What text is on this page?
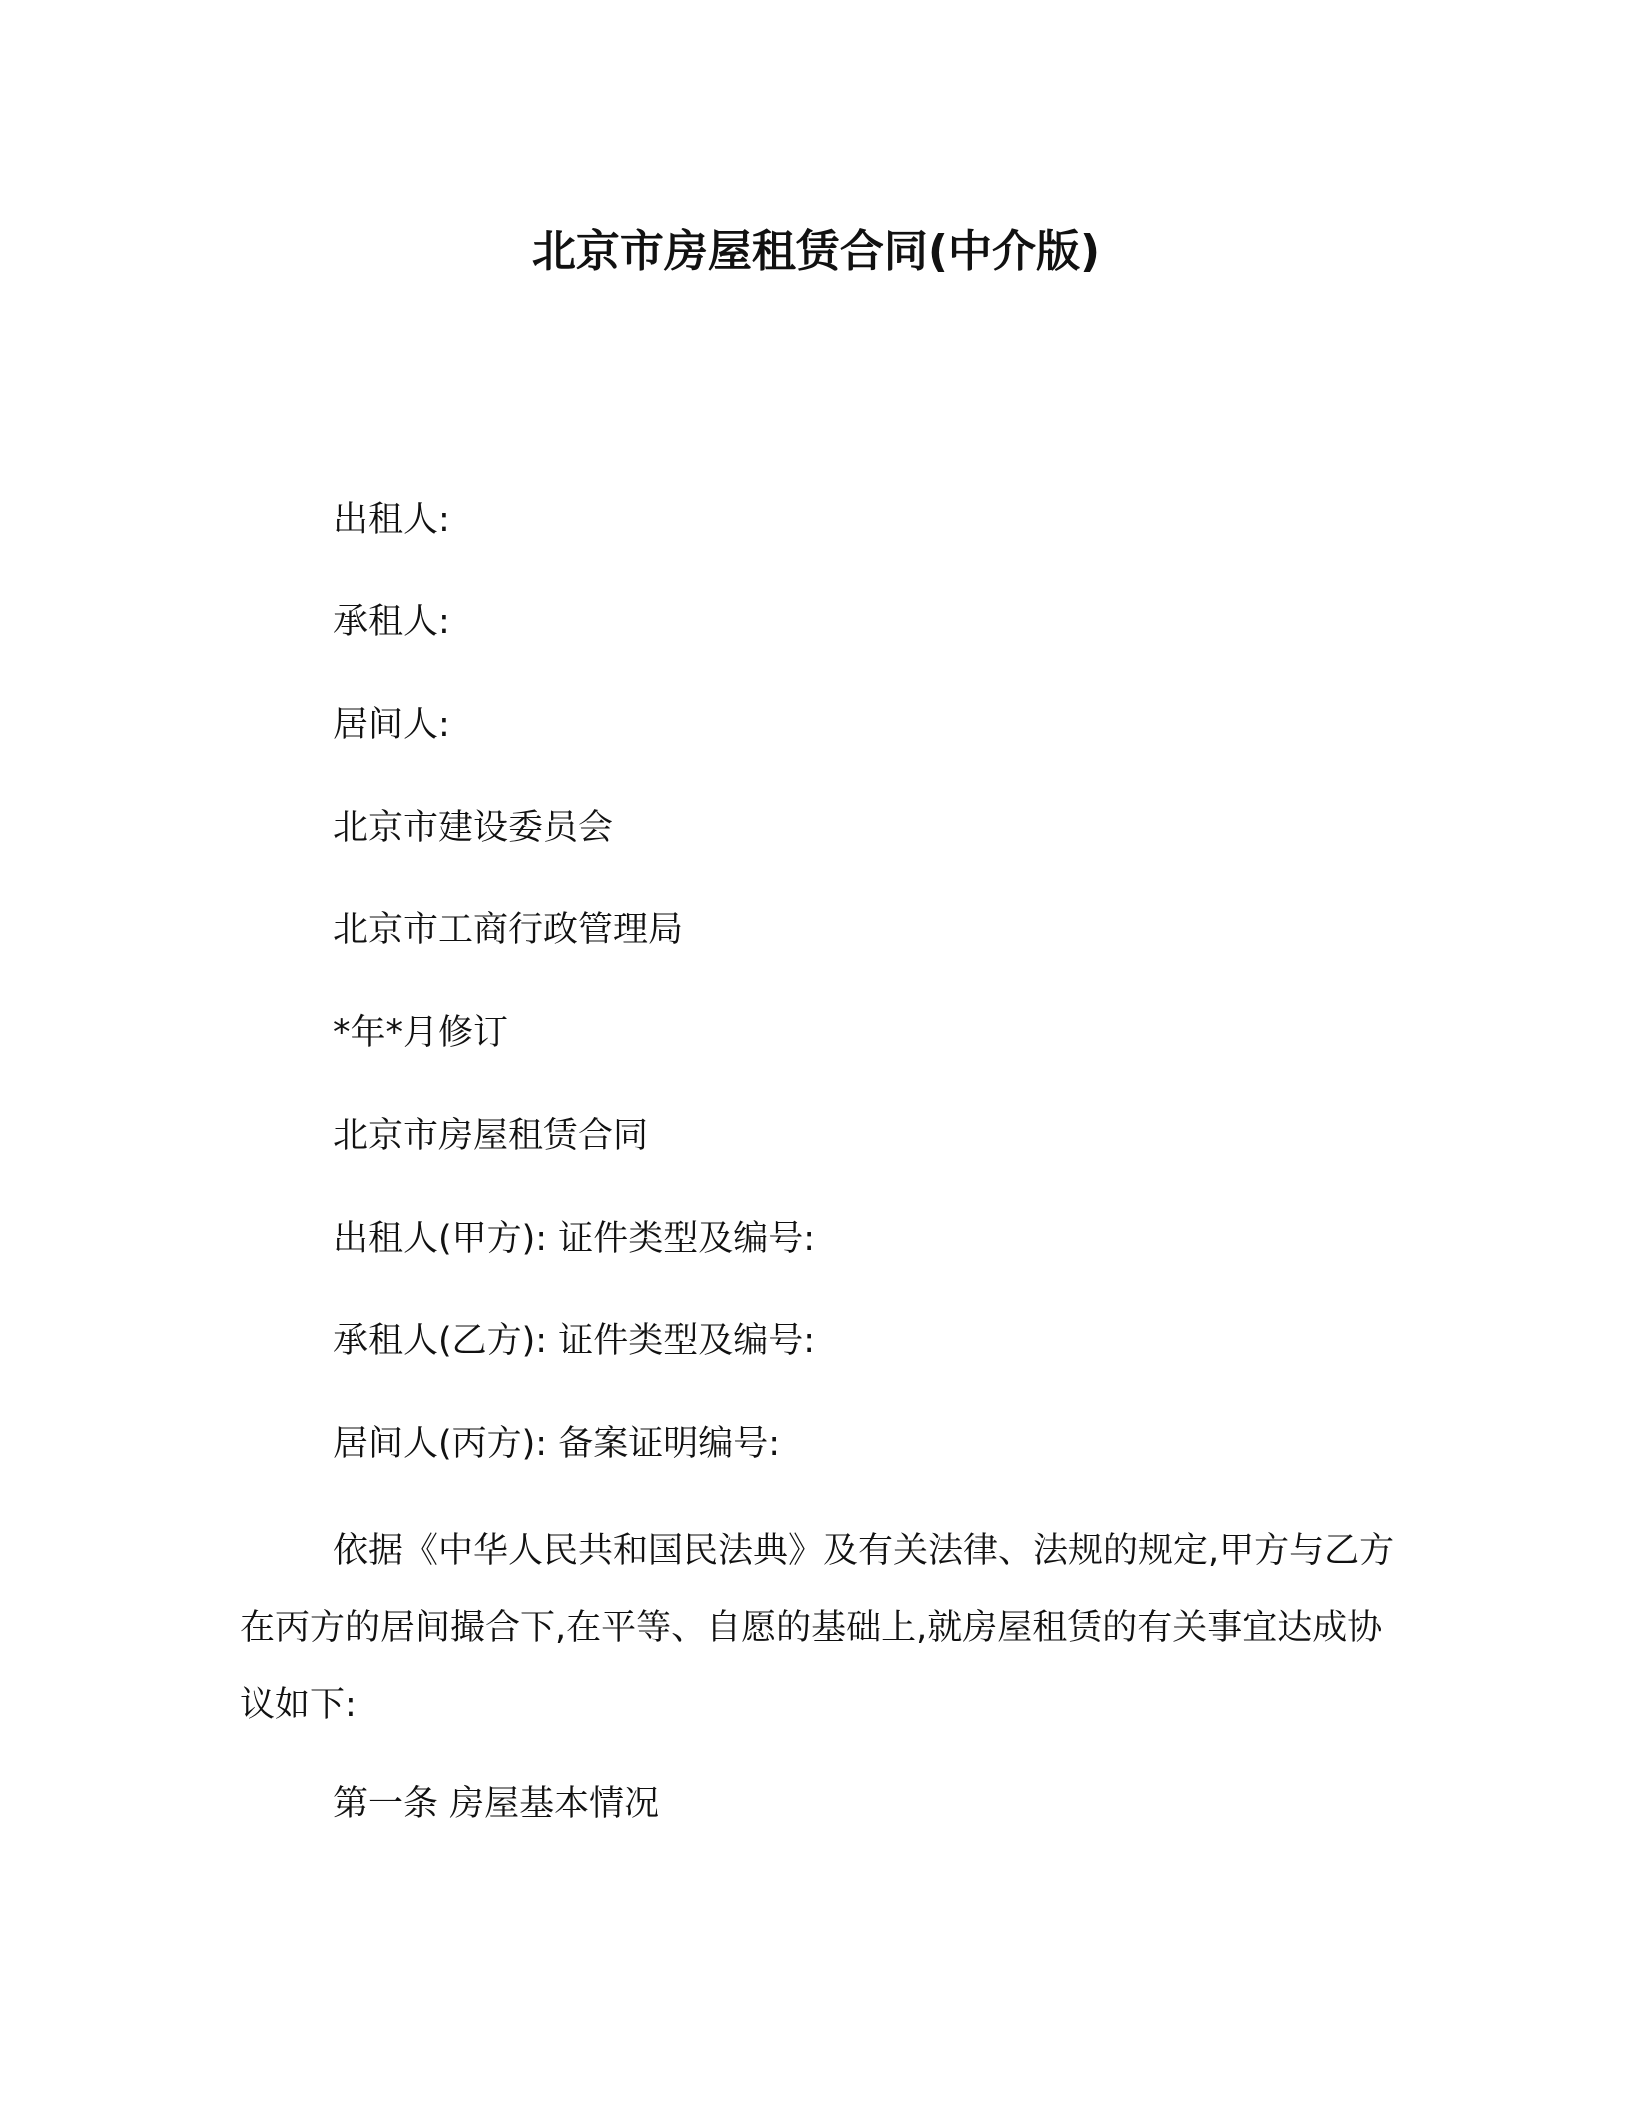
北京市房屋租赁合同(中介版)

出租人:

承租人:

居间人:

北京市建设委员会

北京市工商行政管理局

*年*月修订

北京市房屋租赁合同

出租人(甲方): 证件类型及编号:

承租人(乙方): 证件类型及编号:

居间人(丙方): 备案证明编号:

依据《中华人民共和国民法典》及有关法律、法规的规定,甲方与乙方在丙方的居间撮合下,在平等、自愿的基础上,就房屋租赁的有关事宜达成协议如下:

第一条 房屋基本情况
